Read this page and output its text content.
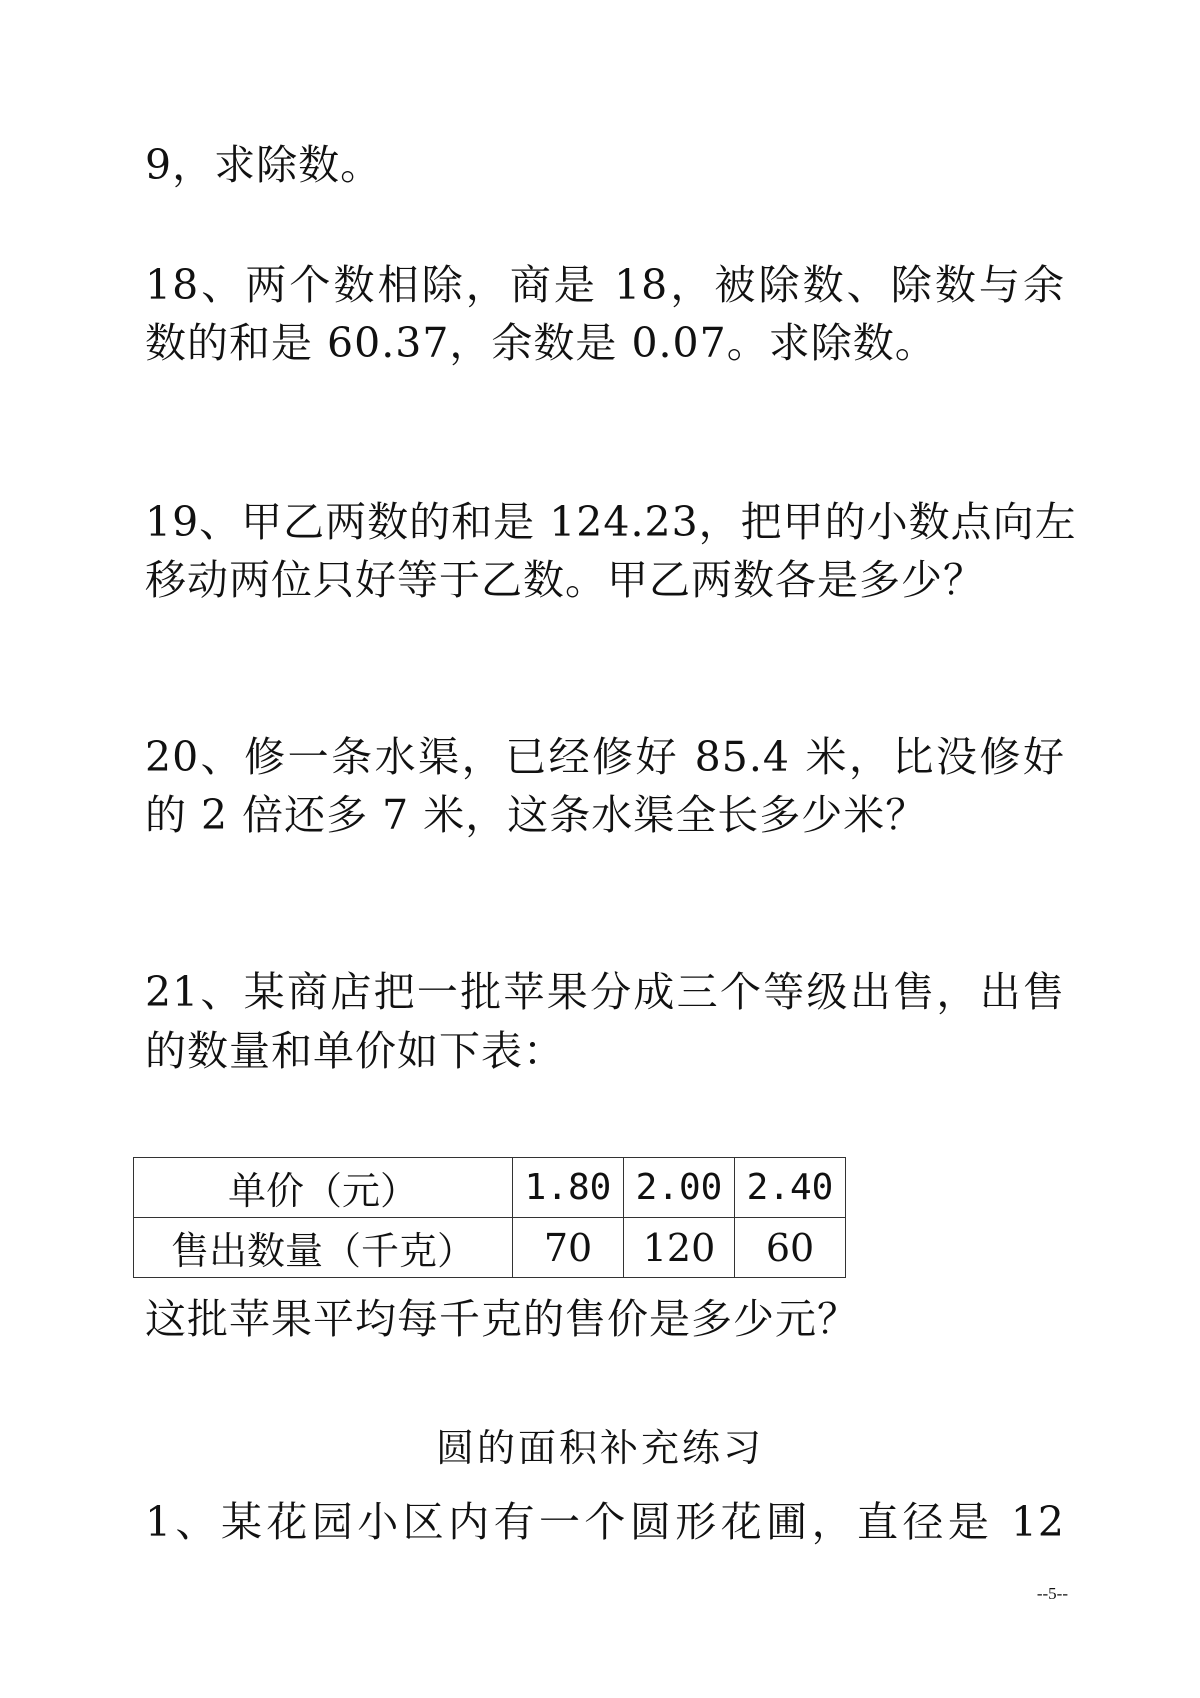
9，求除数。
18、两个数相除，商是 18，被除数、除数与余
数的和是 60.37，余数是 0.07。求除数。
19、甲乙两数的和是 124.23，把甲的小数点向左
移动两位只好等于乙数。甲乙两数各是多少？
20、修一条水渠，已经修好 85.4 米，比没修好
的 2 倍还多 7 米，这条水渠全长多少米？
21、某商店把一批苹果分成三个等级出售，出售
的数量和单价如下表：
单价（元）	1.80	2.00	2.40
售出数量（千克）	70	120	60
这批苹果平均每千克的售价是多少元？
圆的面积补充练习
1、某花园小区内有一个圆形花圃，直径是 12
--5--
